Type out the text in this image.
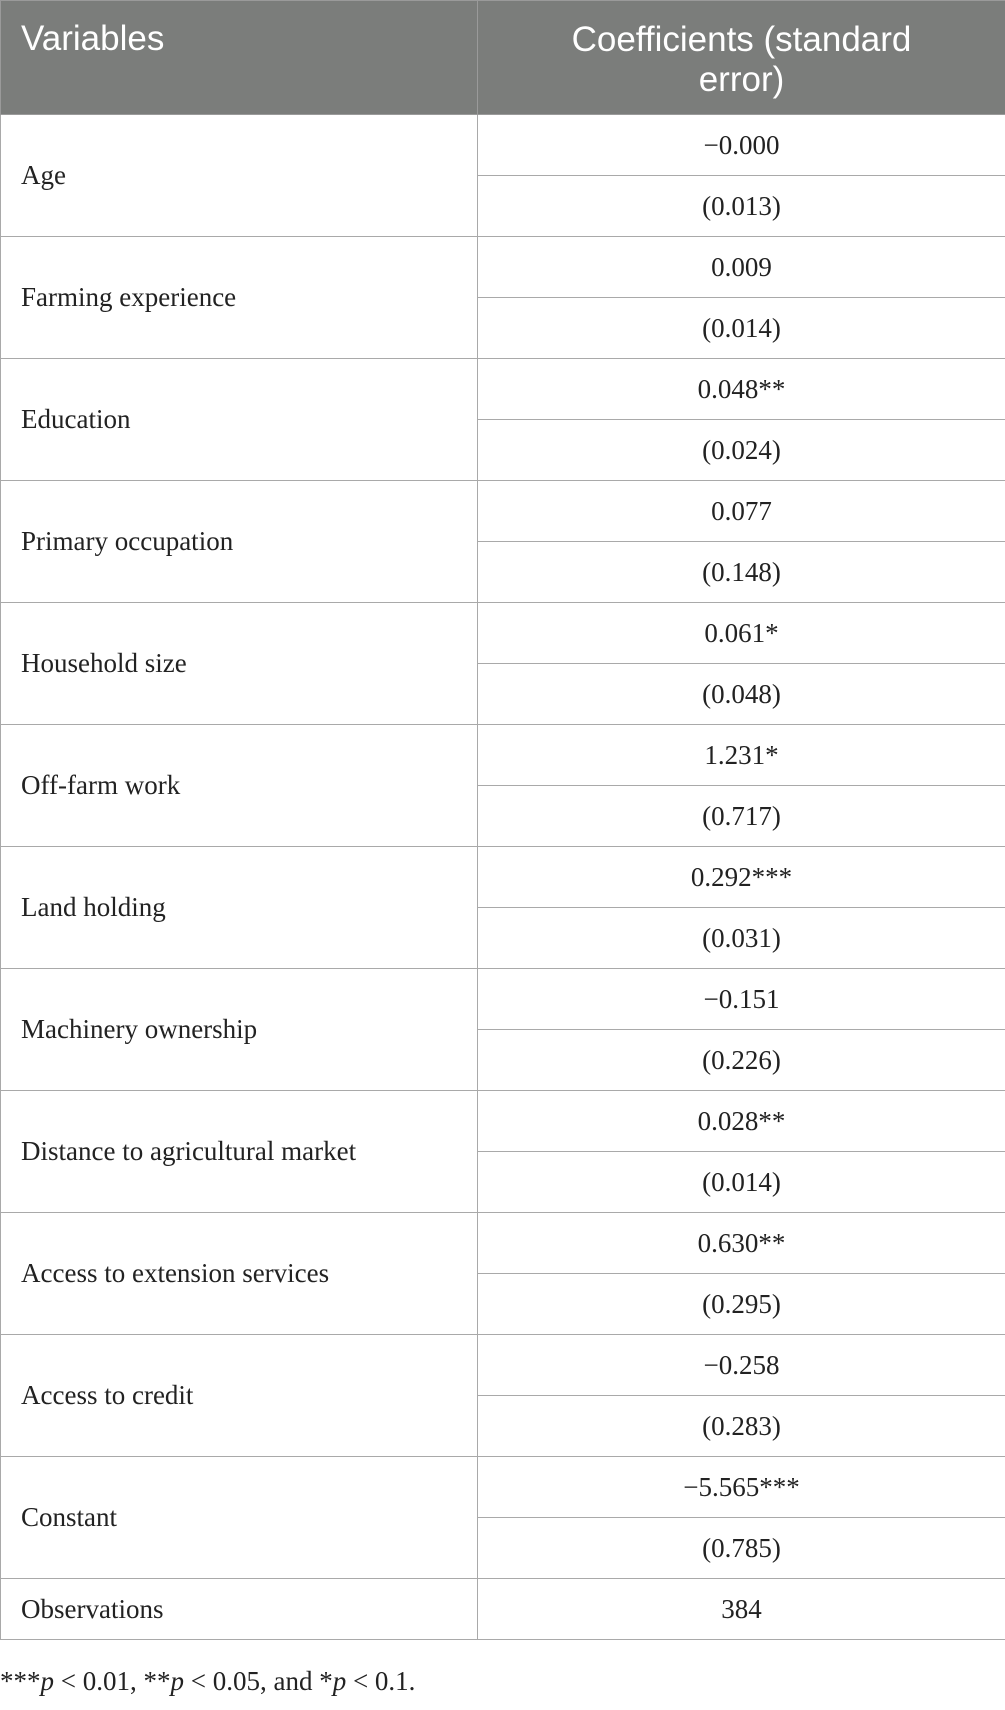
Variables	Coefficients (standard error)
Age	−0.000
	(0.013)
Farming experience	0.009
	(0.014)
Education	0.048**
	(0.024)
Primary occupation	0.077
	(0.148)
Household size	0.061*
	(0.048)
Off-farm work	1.231*
	(0.717)
Land holding	0.292***
	(0.031)
Machinery ownership	−0.151
	(0.226)
Distance to agricultural market	0.028**
	(0.014)
Access to extension services	0.630**
	(0.295)
Access to credit	−0.258
	(0.283)
Constant	−5.565***
	(0.785)
Observations	384
***p < 0.01, **p < 0.05, and *p < 0.1.
